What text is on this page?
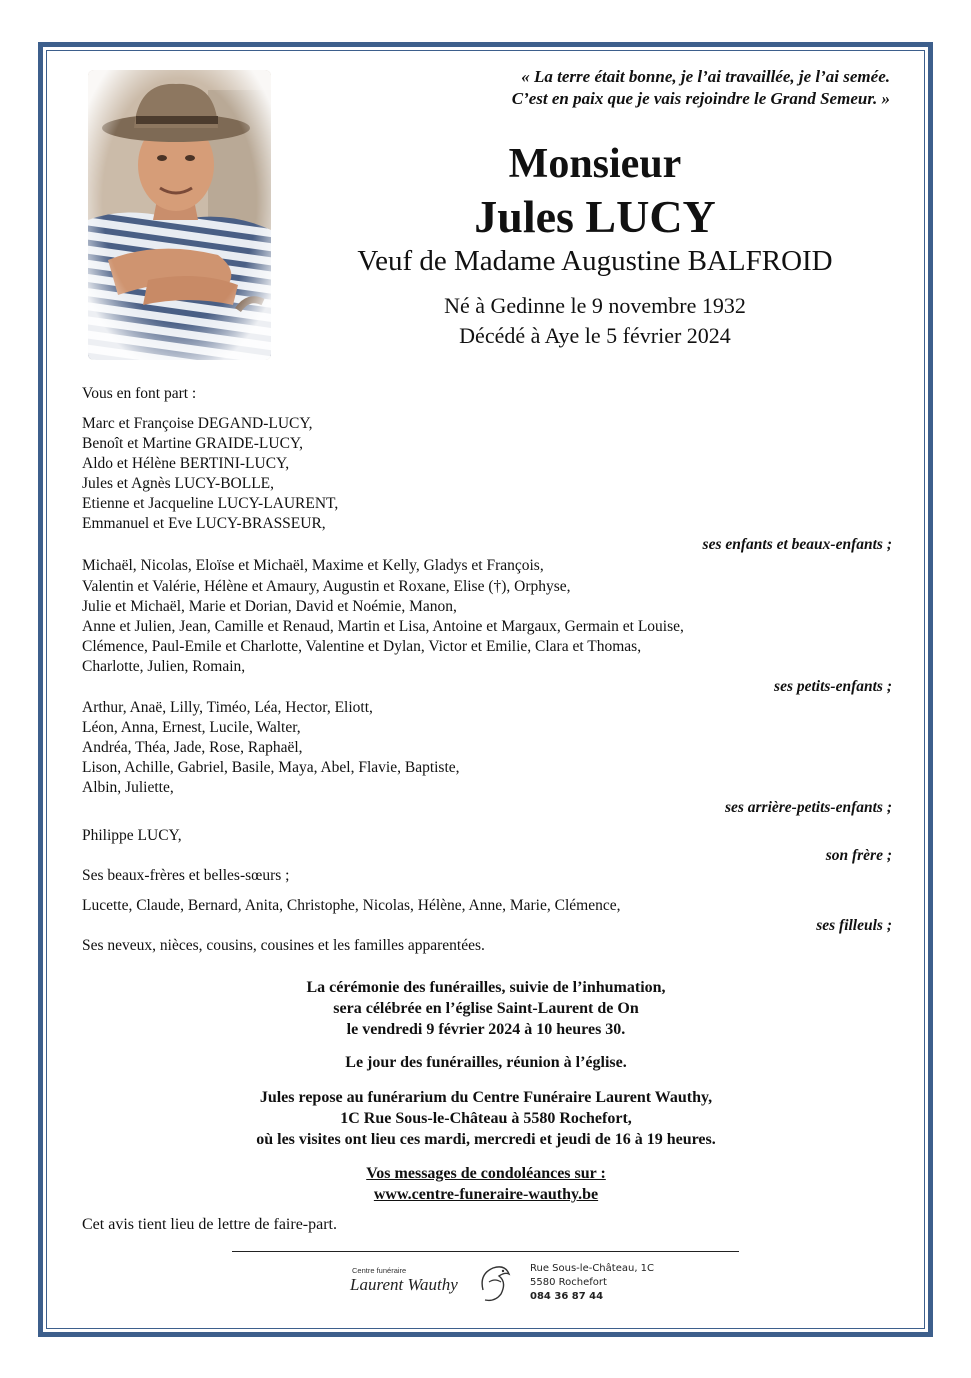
« La terre était bonne, je l’ai travaillée, je l’ai semée.
C’est en paix que je vais rejoindre le Grand Semeur. »
Monsieur
Jules LUCY
Veuf de Madame Augustine BALFROID
Né à Gedinne le 9 novembre 1932
Décédé à Aye le 5 février 2024
Vous en font part :
Marc et Françoise DEGAND-LUCY,
Benoît et Martine GRAIDE-LUCY,
Aldo et Hélène BERTINI-LUCY,
Jules et Agnès LUCY-BOLLE,
Etienne et Jacqueline LUCY-LAURENT,
Emmanuel et Eve LUCY-BRASSEUR,
ses enfants et beaux-enfants ;
Michaël, Nicolas, Eloïse et Michaël, Maxime et Kelly, Gladys et François,
Valentin et Valérie, Hélène et Amaury, Augustin et Roxane, Elise (†), Orphyse,
Julie et Michaël, Marie et Dorian, David et Noémie, Manon,
Anne et Julien, Jean, Camille et Renaud, Martin et Lisa, Antoine et Margaux, Germain et Louise,
Clémence, Paul-Emile et Charlotte, Valentine et Dylan, Victor et Emilie, Clara et Thomas,
Charlotte, Julien, Romain,
ses petits-enfants ;
Arthur, Anaë, Lilly, Timéo, Léa, Hector, Eliott,
Léon, Anna, Ernest, Lucile, Walter,
Andréa, Théa, Jade, Rose, Raphaël,
Lison, Achille, Gabriel, Basile, Maya, Abel, Flavie, Baptiste,
Albin, Juliette,
ses arrière-petits-enfants ;
Philippe LUCY,
son frère ;
Ses beaux-frères et belles-sœurs ;
Lucette, Claude, Bernard, Anita, Christophe, Nicolas, Hélène, Anne, Marie, Clémence,
ses filleuls ;
Ses neveux, nièces, cousins, cousines et les familles apparentées.
La cérémonie des funérailles, suivie de l’inhumation,
sera célébrée en l’église Saint-Laurent de On
le vendredi 9 février 2024 à 10 heures 30.
Le jour des funérailles, réunion à l’église.
Jules repose au funérarium du Centre Funéraire Laurent Wauthy,
1C Rue Sous-le-Château à 5580 Rochefort,
où les visites ont lieu ces mardi, mercredi et jeudi de 16 à 19 heures.
Vos messages de condoléances sur :
www.centre-funeraire-wauthy.be
Cet avis tient lieu de lettre de faire-part.
Centre funéraire
Laurent Wauthy
Rue Sous-le-Château, 1C
5580 Rochefort
084 36 87 44
